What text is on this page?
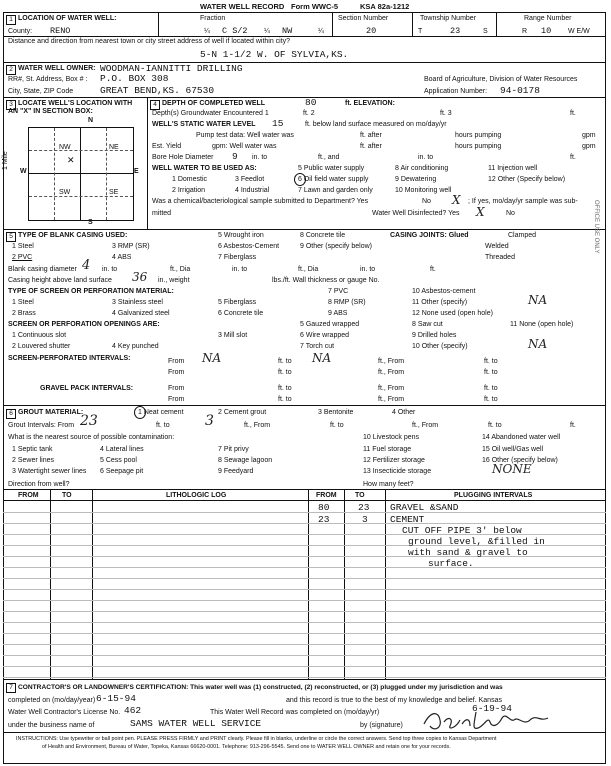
WATER WELL RECORD Form WWC-5	KSA 82a-1212
1 LOCATION OF WATER WELL:
County: RENO
Fraction
¼ C S/2 ¼ NW	¼
Section Number
20
Township Number
T	23	S
Range Number
R 10 W E/W
Distance and direction from nearest town or city street address of well if located within city?
5-N 1-1/2 W. OF SYLVIA,KS.
2 WATER WELL OWNER: WOODMAN-IANNITTI DRILLING
RR#, St. Address, Box # : P.O. BOX 308
City, State, ZIP Code	GREAT BEND,KS. 67530
Board of Agriculture, Division of Water Resources
Application Number: 94-0178
3 LOCATE WELL'S LOCATION WITH
AN "X" IN SECTION BOX:
N
S
W	E
1 Mile
NW	NE
SW	SE
✕
4 DEPTH OF COMPLETED WELL	80	ft. ELEVATION:
Depth(s) Groundwater Encountered 1	ft. 2	ft. 3	ft.
WELL'S STATIC WATER LEVEL 15	ft. below land surface measured on mo/day/yr
Pump test data: Well water was	ft. after	hours pumping	gpm
Est. Yield	gpm: Well water was	ft. after	hours pumping	gpm
Bore Hole Diameter 9 in. to	ft., and	in. to	ft.
WELL WATER TO BE USED AS:	5 Public water supply	8 Air conditioning	11 Injection well
1 Domestic	3 Feedlot	6 Oil field water supply	9 Dewatering	12 Other (Specify below)
2 Irrigation	4 Industrial	7 Lawn and garden only	10 Monitoring well
Was a chemical/bacteriological sample submitted to Department? Yes	No X ; If yes, mo/day/yr sample was sub-
mitted	Water Well Disinfected? Yes X	No
5 TYPE OF BLANK CASING USED:	5 Wrought iron	8 Concrete tile	CASING JOINTS: Glued	Clamped
1 Steel	3 RMP (SR)	6 Asbestos-Cement	9 Other (specify below)	Welded
2 PVC	4 ABS	7 Fiberglass	Threaded
Blank casing diameter 4 in. to	ft., Dia	in. to	ft., Dia	in. to	ft.
Casing height above land surface 36 in., weight	lbs./ft. Wall thickness or gauge No.
TYPE OF SCREEN OR PERFORATION MATERIAL:	7 PVC	10 Asbestos-cement
1 Steel	3 Stainless steel	5 Fiberglass	8 RMP (SR)	11 Other (specify)	NA
2 Brass	4 Galvanized steel	6 Concrete tile	9 ABS	12 None used (open hole)
SCREEN OR PERFORATION OPENINGS ARE:	5 Gauzed wrapped	8 Saw cut	11 None (open hole)
1 Continuous slot	3 Mill slot	6 Wire wrapped	9 Drilled holes
2 Louvered shutter	4 Key punched	7 Torch cut	10 Other (specify)	NA
SCREEN-PERFORATED INTERVALS:	From NA	ft. to NA	ft., From	ft. to
From	ft. to	ft., From	ft. to
GRAVEL PACK INTERVALS:	From	ft. to	ft., From	ft. to
From	ft. to	ft., From	ft. to
6 GROUT MATERIAL:	1 Neat cement	2 Cement grout	3 Bentonite	4 Other
Grout Intervals: From 23	ft. to	3	ft., From	ft. to	ft., From	ft. to	ft.
What is the nearest source of possible contamination:	10 Livestock pens	14 Abandoned water well
1 Septic tank	4 Lateral lines	7 Pit privy	11 Fuel storage	15 Oil well/Gas well
2 Sewer lines	5 Cess pool	8 Sewage lagoon	12 Fertilizer storage	16 Other (specify below)
3 Watertight sewer lines 6 Seepage pit	9 Feedyard	13 Insecticide storage	NONE
Direction from well?	How many feet?
FROM	TO	LITHOLOGIC LOG	FROM	TO	PLUGGING INTERVALS
80	23 GRAVEL &SAND
23	3 CEMENT
CUT OFF PIPE 3' below
ground level, &filled in
with sand & gravel to
surface.
7 CONTRACTOR'S OR LANDOWNER'S CERTIFICATION: This water well was (1) constructed, (2) reconstructed, or (3) plugged under my jurisdiction and was
completed on (mo/day/year) 6-15-94	and this record is true to the best of my knowledge and belief. Kansas
Water Well Contractor's License No. 462	This Water Well Record was completed on (mo/day/yr)	6-19-94
under the business name of	SAMS WATER WELL SERVICE	by (signature)
INSTRUCTIONS: Use typewriter or ball point pen. PLEASE PRESS FIRMLY and PRINT clearly. Please fill in blanks, underline or circle the correct answers. Send top three copies to Kansas Department
of Health and Environment, Bureau of Water, Topeka, Kansas 66620-0001. Telephone: 913-296-5545. Send one to WATER WELL OWNER and retain one for your records.
OFFICE USE ONLY
